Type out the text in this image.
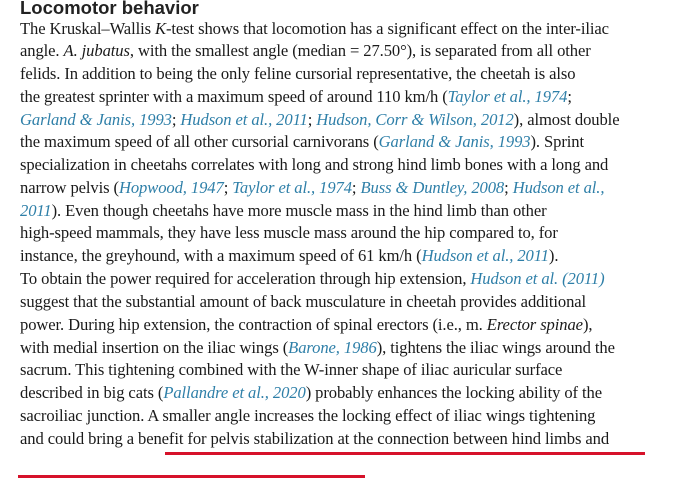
Locomotor behavior
The Kruskal–Wallis K-test shows that locomotion has a significant effect on the inter-iliac
angle. A. jubatus, with the smallest angle (median = 27.50°), is separated from all other
felids. In addition to being the only feline cursorial representative, the cheetah is also
the greatest sprinter with a maximum speed of around 110 km/h (Taylor et al., 1974;
Garland & Janis, 1993; Hudson et al., 2011; Hudson, Corr & Wilson, 2012), almost double
the maximum speed of all other cursorial carnivorans (Garland & Janis, 1993). Sprint
specialization in cheetahs correlates with long and strong hind limb bones with a long and
narrow pelvis (Hopwood, 1947; Taylor et al., 1974; Buss & Duntley, 2008; Hudson et al.,
2011). Even though cheetahs have more muscle mass in the hind limb than other
high-speed mammals, they have less muscle mass around the hip compared to, for
instance, the greyhound, with a maximum speed of 61 km/h (Hudson et al., 2011).
To obtain the power required for acceleration through hip extension, Hudson et al. (2011)
suggest that the substantial amount of back musculature in cheetah provides additional
power. During hip extension, the contraction of spinal erectors (i.e., m. Erector spinae),
with medial insertion on the iliac wings (Barone, 1986), tightens the iliac wings around the
sacrum. This tightening combined with the W-inner shape of iliac auricular surface
described in big cats (Pallandre et al., 2020) probably enhances the locking ability of the
sacroiliac junction. A smaller angle increases the locking effect of iliac wings tightening
and could bring a benefit for pelvis stabilization at the connection between hind limbs and
